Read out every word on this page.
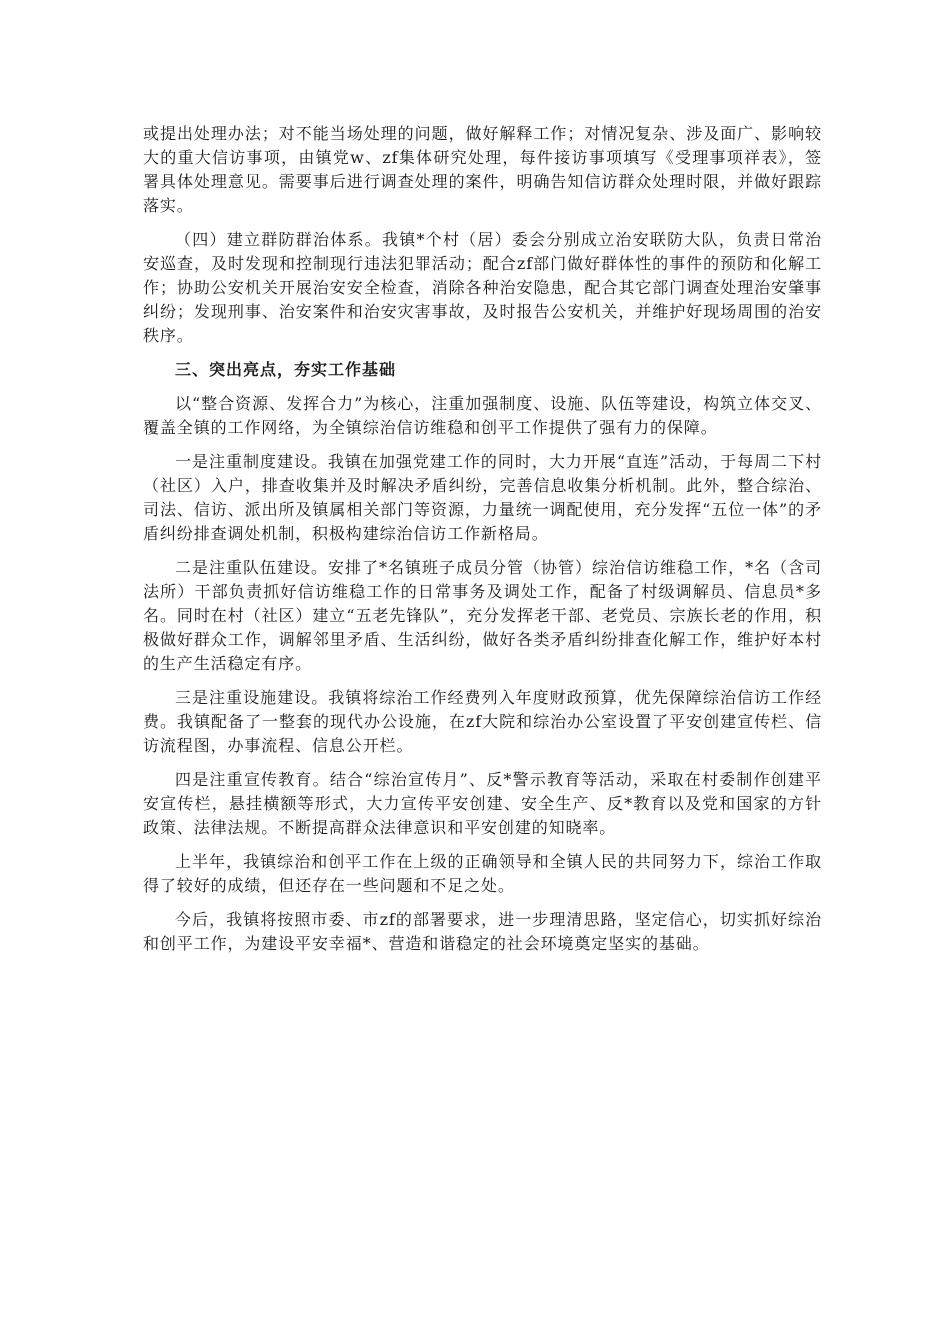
或提出处理办法；对不能当场处理的问题，做好解释工作；对情况复杂、涉及面广、影响较大的重大信访事项，由镇党w、zf集体研究处理，每件接访事项填写《受理事项祥表》，签署具体处理意见。需要事后进行调查处理的案件，明确告知信访群众处理时限，并做好跟踪落实。

（四）建立群防群治体系。我镇*个村（居）委会分别成立治安联防大队，负责日常治安巡查，及时发现和控制现行违法犯罪活动；配合zf部门做好群体性的事件的预防和化解工作；协助公安机关开展治安安全检查，消除各种治安隐患，配合其它部门调查处理治安肇事纠纷；发现刑事、治安案件和治安灾害事故，及时报告公安机关，并维护好现场周围的治安秩序。

三、突出亮点，夯实工作基础

以“整合资源、发挥合力”为核心，注重加强制度、设施、队伍等建设，构筑立体交叉、覆盖全镇的工作网络，为全镇综治信访维稳和创平工作提供了强有力的保障。

一是注重制度建设。我镇在加强党建工作的同时，大力开展“直连”活动，于每周二下村（社区）入户，排查收集并及时解决矛盾纠纷，完善信息收集分析机制。此外，整合综治、司法、信访、派出所及镇属相关部门等资源，力量统一调配使用，充分发挥“五位一体”的矛盾纠纷排查调处机制，积极构建综治信访工作新格局。

二是注重队伍建设。安排了*名镇班子成员分管（协管）综治信访维稳工作，*名（含司法所）干部负责抓好信访维稳工作的日常事务及调处工作，配备了村级调解员、信息员*多名。同时在村（社区）建立“五老先锋队”，充分发挥老干部、老党员、宗族长老的作用，积极做好群众工作，调解邻里矛盾、生活纠纷，做好各类矛盾纠纷排查化解工作，维护好本村的生产生活稳定有序。

三是注重设施建设。我镇将综治工作经费列入年度财政预算，优先保障综治信访工作经费。我镇配备了一整套的现代办公设施，在zf大院和综治办公室设置了平安创建宣传栏、信访流程图，办事流程、信息公开栏。

四是注重宣传教育。结合“综治宣传月”、反*警示教育等活动，采取在村委制作创建平安宣传栏，悬挂横额等形式，大力宣传平安创建、安全生产、反*教育以及党和国家的方针政策、法律法规。不断提高群众法律意识和平安创建的知晓率。

上半年，我镇综治和创平工作在上级的正确领导和全镇人民的共同努力下，综治工作取得了较好的成绩，但还存在一些问题和不足之处。

今后，我镇将按照市委、市zf的部署要求，进一步理清思路，坚定信心，切实抓好综治和创平工作，为建设平安幸福*、营造和谐稳定的社会环境奠定坚实的基础。
